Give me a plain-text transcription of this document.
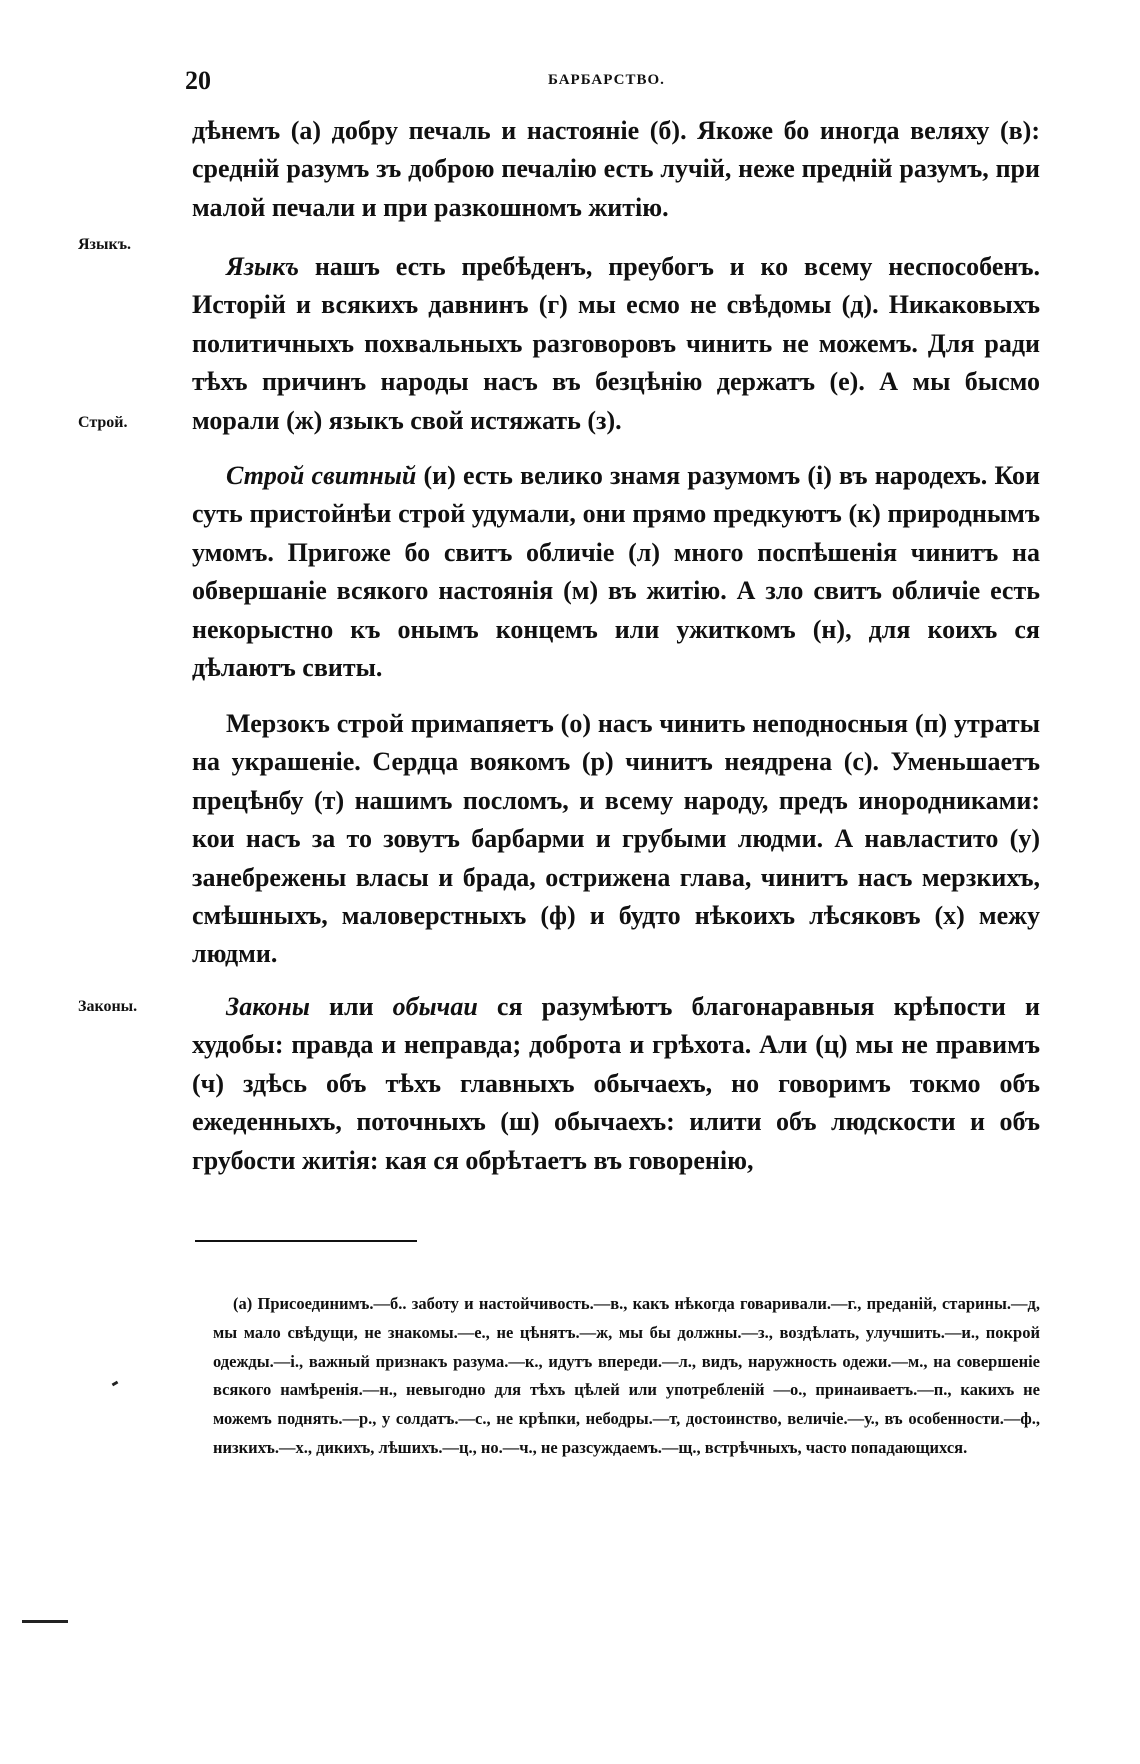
20	БАРБАРСТВО.
Языкъ.
Строй.
Законы.
дѣнемъ (а) добру печаль и настояніе (б). Якоже бо иногда веляху (в): среднiй разумъ зъ доброю печалiю есть лучiй, неже преднiй разумъ, при малой печали и при разкошномъ житiю.
Языкъ нашъ есть пребѣденъ, преубогъ и ко всему неспособенъ. Исторiй и всякихъ давнинъ (г) мы есмо не свѣдомы (д). Никаковыхъ политичныхъ похвальныхъ разговоровъ чинить не можемъ. Для ради тѣхъ причинъ народы насъ въ безцѣнiю держатъ (е). А мы бысмо морали (ж) языкъ свой истяжать (з).
Строй свитный (и) есть велико знамя разумомъ (i) въ народехъ. Кои суть пристойнѣи строй удумали, они прямо предкуютъ (к) природнымъ умомъ. Пригоже бо свитъ обличiе (л) много поспѣшенiя чинитъ на обвершанiе всякого настоянiя (м) въ житiю. А зло свитъ обличiе есть некорыстно къ онымъ концемъ или ужиткомъ (н), для коихъ ся дѣлаютъ свиты.
Мерзокъ строй примапяетъ (о) насъ чинить неподносныя (п) утраты на украшенiе. Сердца воякомъ (р) чинитъ неядрена (с). Уменьшаетъ прецѣнбу (т) нашимъ посломъ, и всему народу, предъ инородниками: кои насъ за то зовутъ барбарми и грубыми людми. А навластито (у) занебрежены власы и брада, острижена глава, чинитъ насъ мерзкихъ, смѣшныхъ, маловерстныхъ (ф) и будто нѣкоихъ лѣсяковъ (х) межу людми.
Законы или обычаи ся разумѣютъ благонаравныя крѣпости и худобы: правда и неправда; доброта и грѣхота. Али (ц) мы не правимъ (ч) здѣсь объ тѣхъ главныхъ обычаехъ, но говоримъ токмо объ ежеденныхъ, поточныхъ (ш) обычаехъ: илити объ людскости и объ грубости житiя: кая ся обрѣтаетъ въ говоренiю,
(а) Присоединимъ.—б.. заботу и настойчивость.—в., какъ нѣкогда говаривали.—г., преданiй, старины.—д, мы мало свѣдущи, не знакомы.—е., не цѣнятъ.—ж, мы бы должны.—з., воздѣлать, улучшить.—и., покрой одежды.—i., важный признакъ разума.—к., идутъ впереди.—л., видъ, наружность одежи.—м., на совершенiе всякого намѣренiя.—н., невыгодно для тѣхъ цѣлей или употребленiй —о., принаиваетъ.—п., какихъ не можемъ поднять.—р., у солдатъ.—с., не крѣпки, небодры.—т, достоинство, величiе.—у., въ особенности.—ф., низкихъ.—х., дикихъ, лѣшихъ.—ц., но.—ч., не разсуждаемъ.—щ., встрѣчныхъ, часто попадающихся.
